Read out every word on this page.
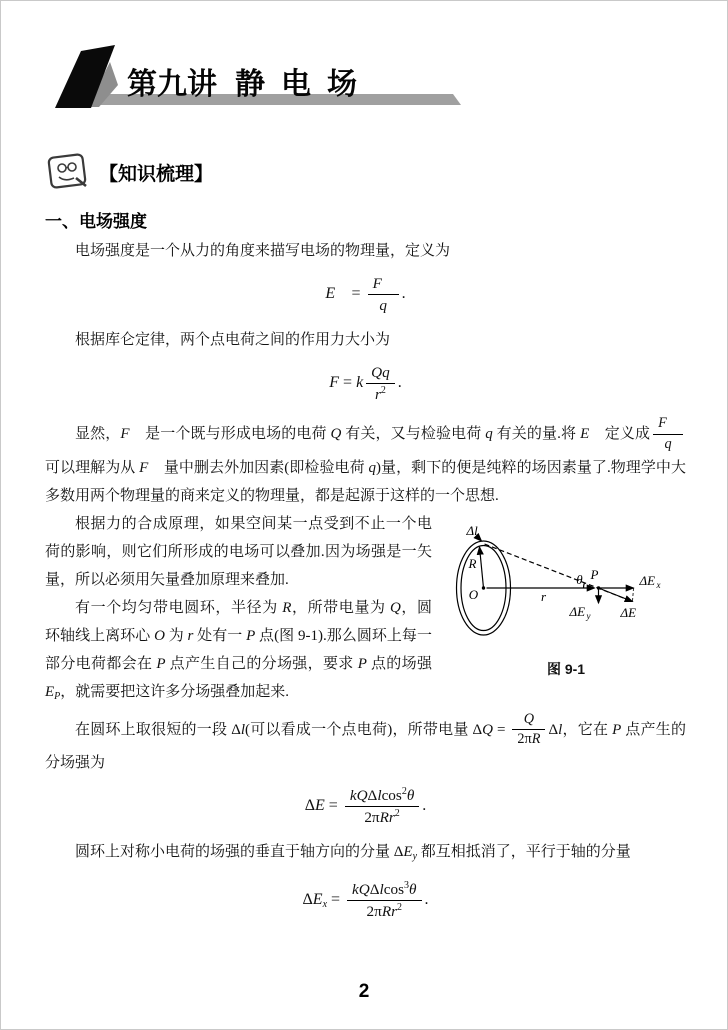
第九讲 静电场
【知识梳理】
一、电场强度

电场强度是一个从力的角度来描写电场的物理量，定义为

E⃗ = $\frac{F⃗}{q}$ .

根据库仑定律，两个点电荷之间的作用力大小为

F = k $\frac{Qq}{r^2}$ .

显然，F⃗ 是一个既与形成电场的电荷 Q 有关，又与检验电荷 q 有关的量.将 E⃗ 定义成 $\frac{F⃗}{q}$
可以理解为从 F⃗ 量中删去外加因素(即检验电荷 q)量，剩下的便是纯粹的场因素量了.物理学中大多数用两个物理量的商来定义的物理量，都是起源于这样的一个思想.

Δl
R
O	r
θ P	ΔE x
ΔE y ΔE
图 9-1

根据力的合成原理，如果空间某一点受到不止一个电荷的影响，则它们所形成的电场可以叠加.因为场强是一矢量，所以必须用矢量叠加原理来叠加.

有一个均匀带电圆环，半径为 R，所带电量为 Q，圆环轴线上离环心 O 为 r 处有一 P 点(图 9-1).那么圆环上每一部分电荷都会在 P 点产生自己的分场强，要求 P 点的场强 $E_P$，就需要把这许多分场强叠加起来.

在圆环上取很短的一段 Δl(可以看成一个点电荷)，所带电量 $\Delta Q = \frac{Q}{2\pi R}$ Δl，它在 P 点产生的分场强为

$\Delta E = \frac{kQ\Delta lcos^2\theta}{2\pi Rr^2}$ .

圆环上对称小电荷的场强的垂直于轴方向的分量 $\Delta E_y$ 都互相抵消了，平行于轴的分量

$\Delta E_x = \frac{kQ\Delta lcos^3\theta}{2\pi Rr^2}$ .

2
